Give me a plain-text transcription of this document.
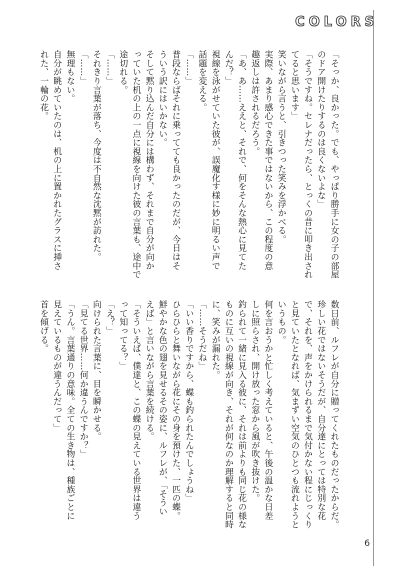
COLORS
「そっか、良かった。でも、やっぱり勝手に女の子の部屋
のドア開けたりするのは良くないよな」
「そうですね。セレナだったら、とっくの昔に叩き出され
てると思います」
笑いながら言うと、引きつった笑みを浮かべる。
実際、あまり感心できた事ではないから、この程度の意
趣返しは許されるだろう。
「あ、あ……ええと、それで、何をそんな熱心に見てた
んだ？」
視線を泳がせていた彼が、誤魔化す様に妙に明るい声で
話題を変える。
「……」
普段ならばそれに乗ってても良かったのだが、今日はそ
ういう訳にはいかない。
そして黙り込んだ自分には構わず、それまで自分が向か
っていた机の上の一点に視線を向けた彼の言葉も、途中で
途切れる。
「……」
それきり言葉が落ち、今度は不自然な沈黙が訪れた。
「……」
無理もない。
自分が眺めていたのは、机の上に置かれたグラスに挿さ
れた、一輪の花。
数日前、ルフレが自分に贈ってくれたものだったからだ。
珍しい花ではないそうだが、自分達にとっては特別な花
で、それを、声をかけられるまで気付かない程にじっくり
と見ていたとなれば、気まずい空気のひとつも流れようと
いうもの。
何を言おうかと忙しく考えていると、午後の温かな日差
しに照らされ、開け放った窓から風が吹き抜けた。
釣られて一緒に見入る彼に、それは前よりも同じ花の様な
ものに互いの視線が向き、それが何なのか理解すると同時
に、笑みが漏れた。
「……そうだね」
「いい香りですから、蝶も釣られたんでしょうね」
ひらひらと舞いながら花にその身を預けた、一匹の蝶。
鮮やかな色の翅を見せるその姿に、ルフレが、「そうい
えば」と言いながら言葉を続ける。
「そういえば、僕達と、この蝶の見えている世界は違う
って知ってる？」
「え？」
向けられた言葉に、目を瞬かせる。
「見てる世界……何か違うんですか？」
「うん。言葉通りの意味。全ての生き物は、種族ごとに
見えているものが違うんだって」
首を傾げる。
6
